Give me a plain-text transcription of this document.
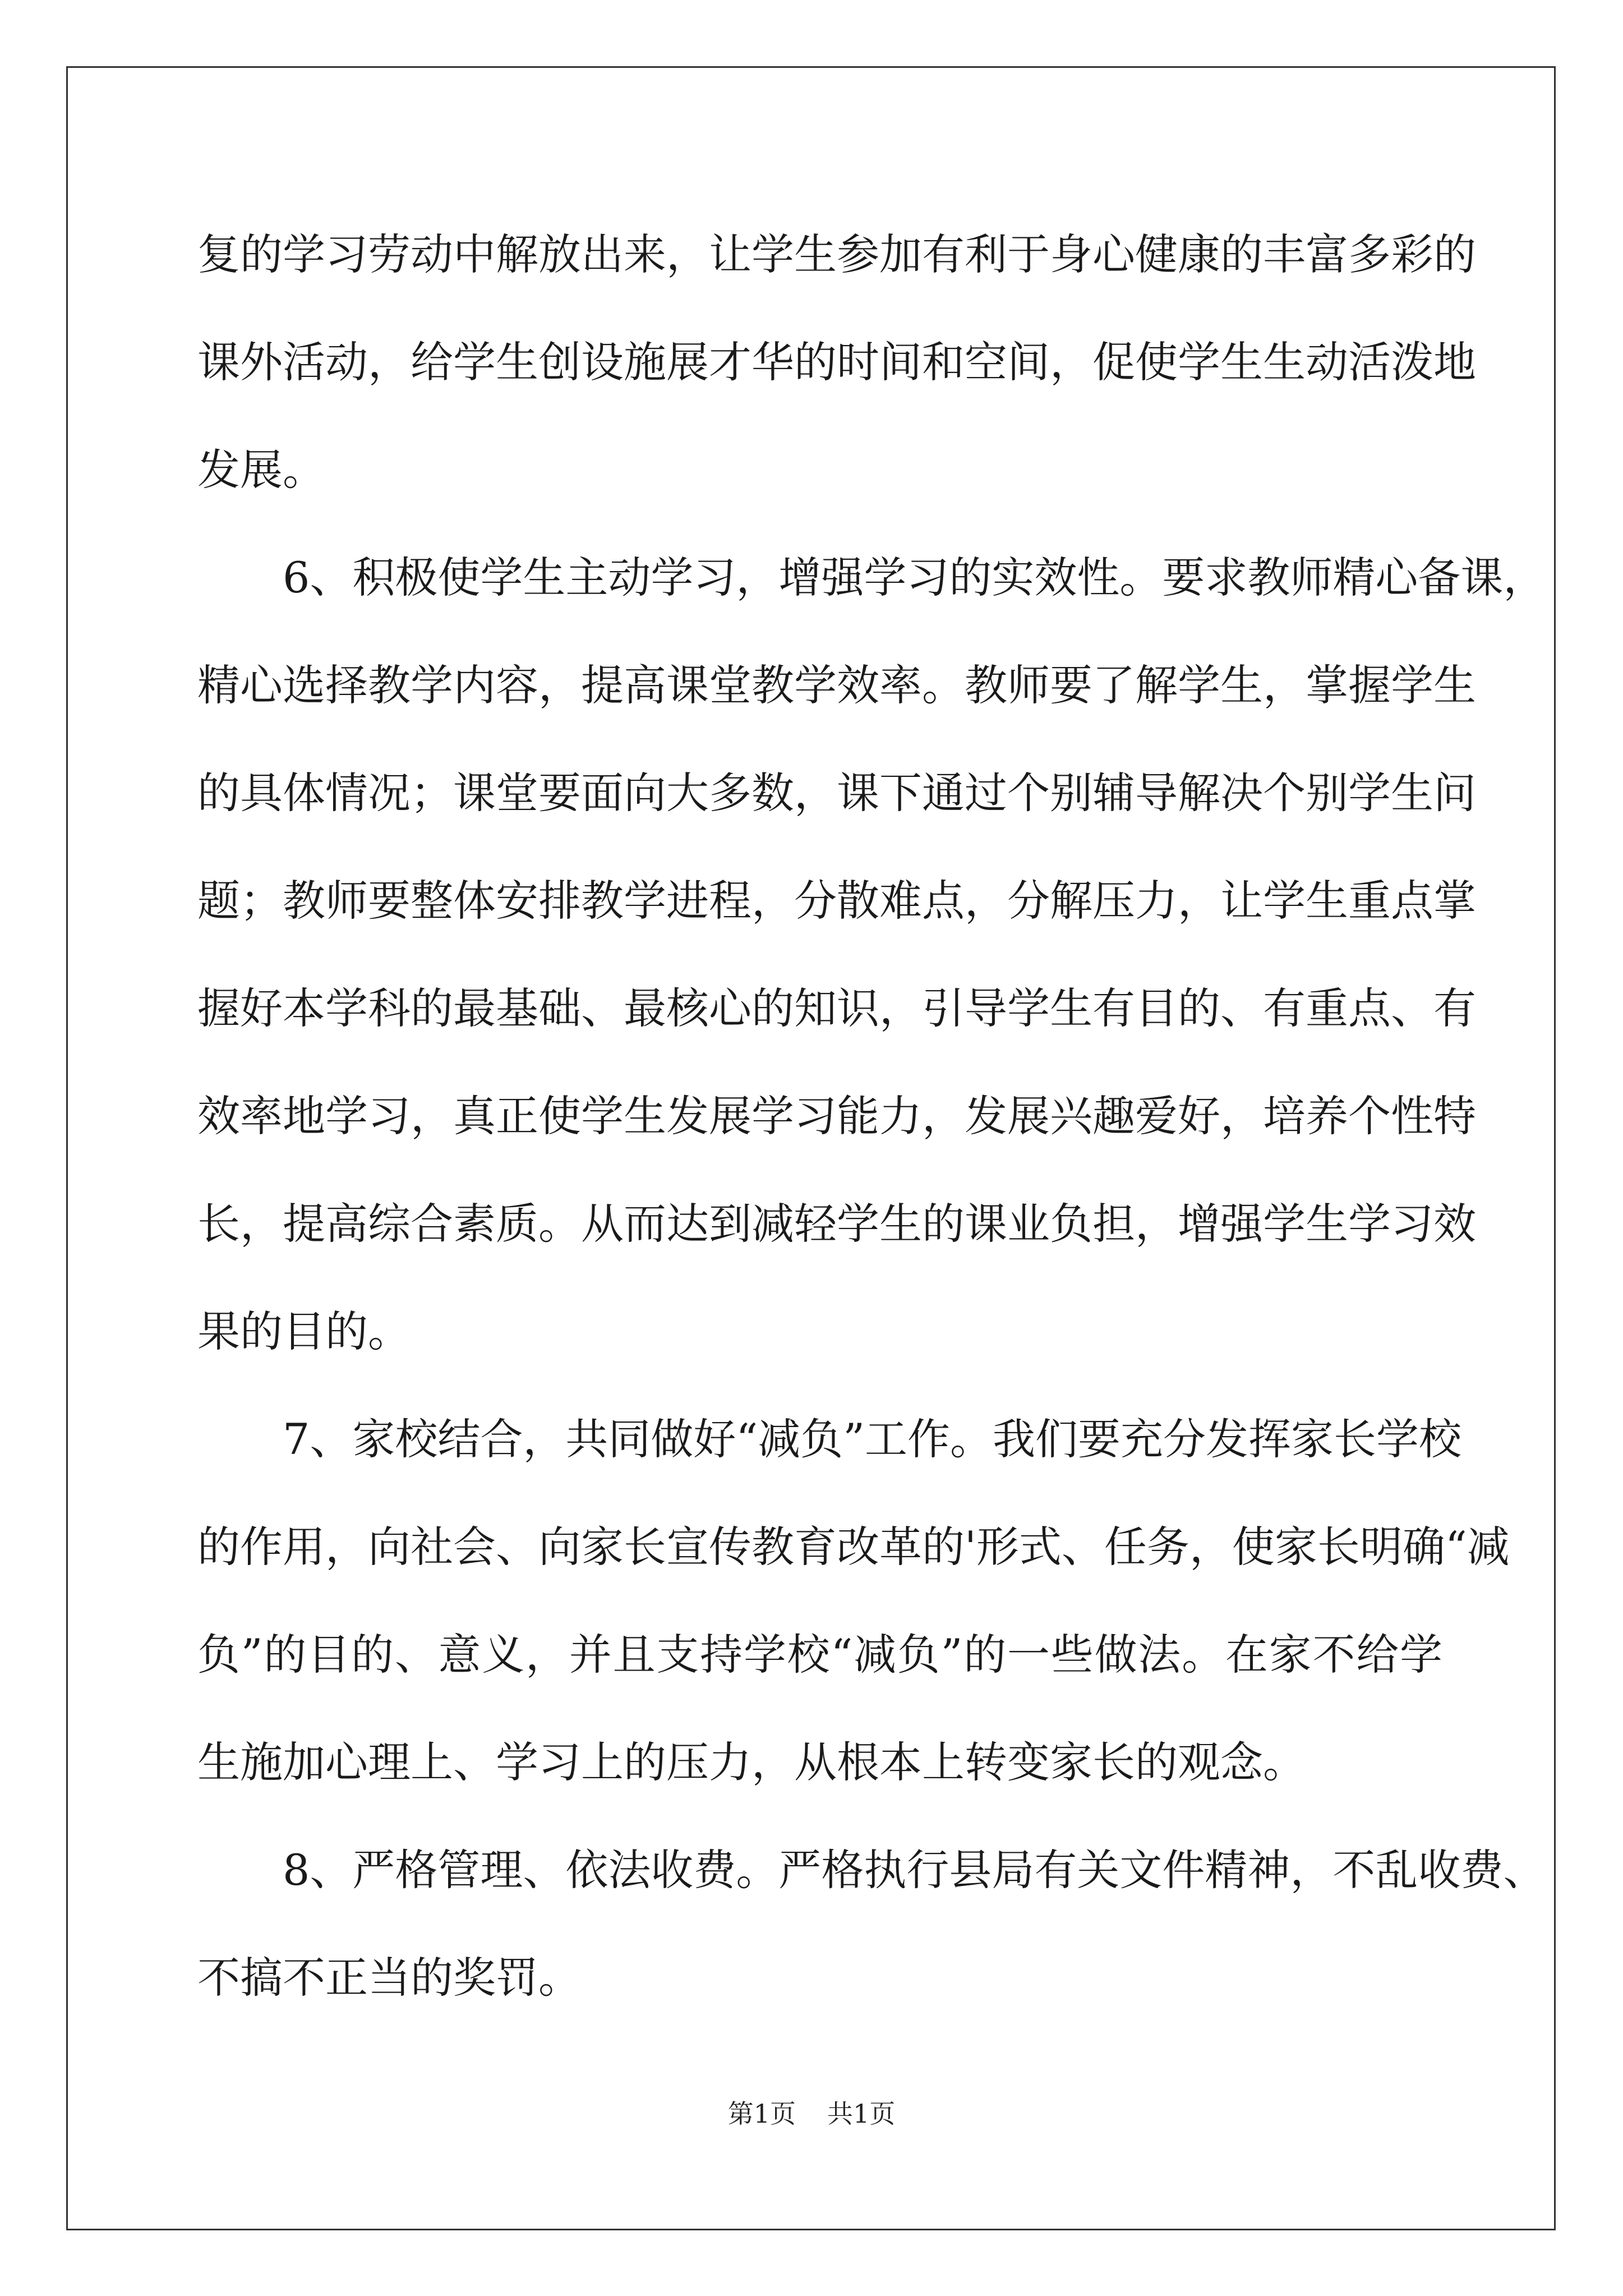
复的学习劳动中解放出来，让学生参加有利于身心健康的丰富多彩的
课外活动，给学生创设施展才华的时间和空间，促使学生生动活泼地
发展。
6、积极使学生主动学习，增强学习的实效性。要求教师精心备课，
精心选择教学内容，提高课堂教学效率。教师要了解学生，掌握学生
的具体情况；课堂要面向大多数，课下通过个别辅导解决个别学生问
题；教师要整体安排教学进程，分散难点，分解压力，让学生重点掌
握好本学科的最基础、最核心的知识，引导学生有目的、有重点、有
效率地学习，真正使学生发展学习能力，发展兴趣爱好，培养个性特
长，提高综合素质。从而达到减轻学生的课业负担，增强学生学习效
果的目的。
7、家校结合，共同做好“减负”工作。我们要充分发挥家长学校
的作用，向社会、向家长宣传教育改革的'形式、任务，使家长明确“减
负”的目的、意义，并且支持学校“减负”的一些做法。在家不给学
生施加心理上、学习上的压力，从根本上转变家长的观念。
8、严格管理、依法收费。严格执行县局有关文件精神，不乱收费、
不搞不正当的奖罚。
第1页 共1页
